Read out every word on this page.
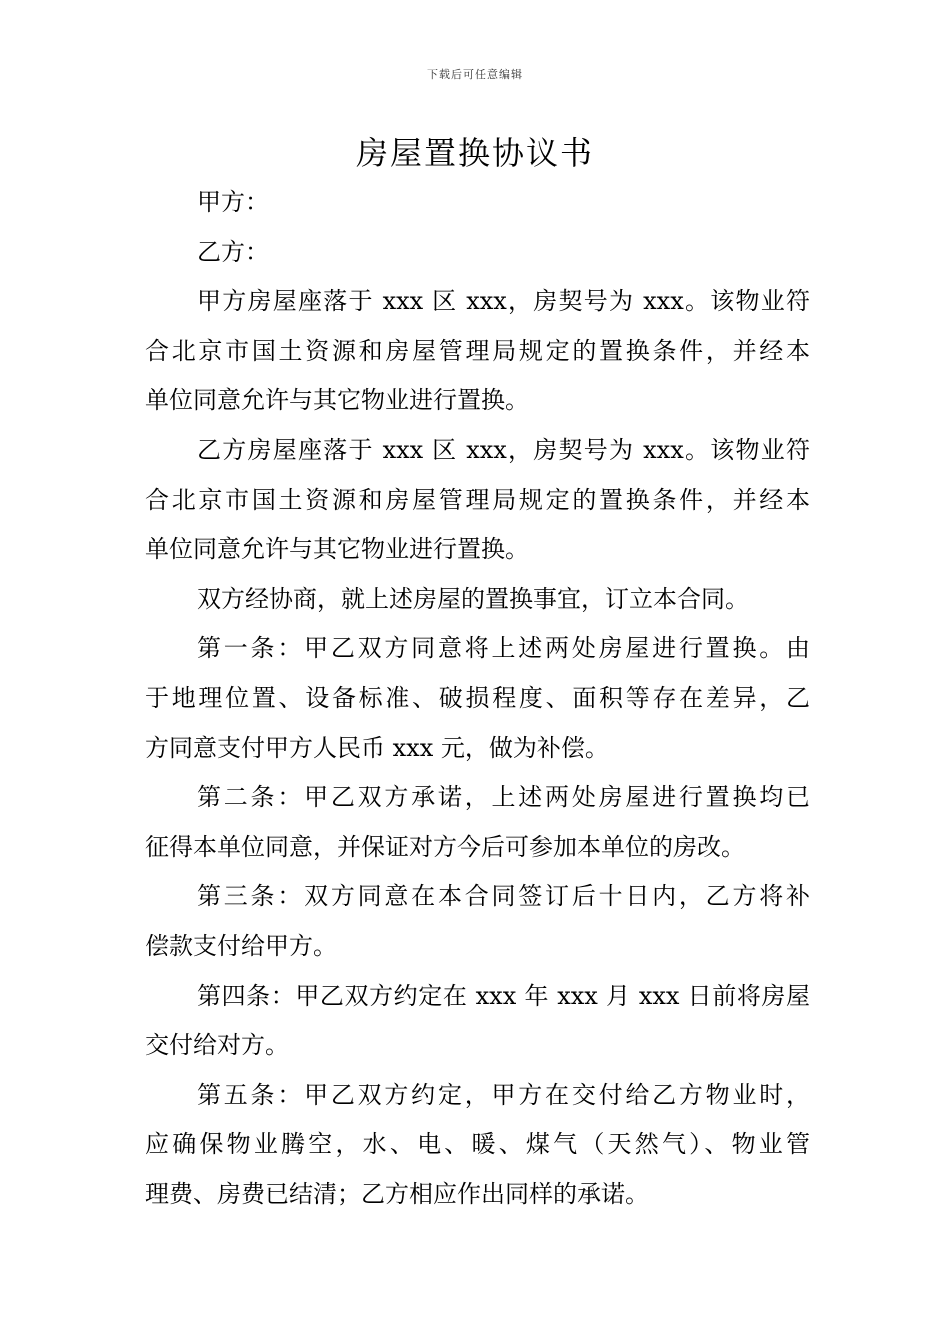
下载后可任意编辑
房屋置换协议书

甲方：

乙方：

甲方房屋座落于 xxx 区 xxx，房契号为 xxx。该物业符

合北京市国土资源和房屋管理局规定的置换条件，并经本

单位同意允许与其它物业进行置换。

乙方房屋座落于 xxx 区 xxx，房契号为 xxx。该物业符

合北京市国土资源和房屋管理局规定的置换条件，并经本

单位同意允许与其它物业进行置换。

双方经协商，就上述房屋的置换事宜，订立本合同。

第一条：甲乙双方同意将上述两处房屋进行置换。由

于地理位置、设备标准、破损程度、面积等存在差异，乙

方同意支付甲方人民币 xxx 元，做为补偿。

第二条：甲乙双方承诺，上述两处房屋进行置换均已

征得本单位同意，并保证对方今后可参加本单位的房改。

第三条：双方同意在本合同签订后十日内，乙方将补

偿款支付给甲方。

第四条：甲乙双方约定在 xxx 年 xxx 月 xxx 日前将房屋

交付给对方。

第五条：甲乙双方约定，甲方在交付给乙方物业时，

应确保物业腾空，水、电、暖、煤气（天然气）、物业管

理费、房费已结清；乙方相应作出同样的承诺。
